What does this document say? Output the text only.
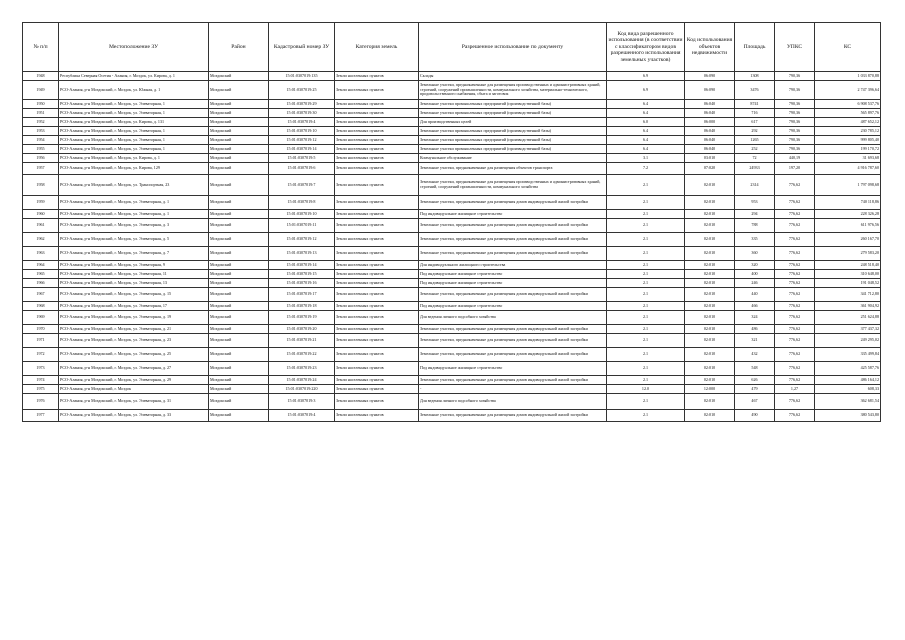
№ п/п	Местоположение ЗУ	Район	Кадастровый номер ЗУ	Категория земель	Разрешенное использование по документу	Код вида разрешенного использования (в соответствии с классификатором видов разрешенного использования земельных участков)	Код использования объектов недвижимости	Площадь	УПКС	КС
1948	Республика Северная Осетия - Алания, г. Моздок, ул. Кирова, д. 1	Моздокский	15:01:0307019:135	Земли населенных пунктов	Склады	6.9	06:090	1308	790,36	1 033 870,88
1949	РСО-Алания, р-н Моздокский, г. Моздок, ул. Южная, д. 1	Моздокский	15:01:0307019:25	Земли населенных пунктов	Земельные участки, предназначенные для размещения производственных и административных зданий, строений, сооружений промышленности, коммунального хозяйства, материально-технического, продовольственного снабжения, сбыта и заготовок	6.9	06:090	3476	790,36	2 747 396,64
1950	РСО-Алания, р-н Моздокский, г. Моздок, ул. Элеваторная, 1	Моздокский	15:01:0307019:29	Земли населенных пунктов	Земельные участки промышленных предприятий (производственной базы)	6.4	06:040	8741	790,36	6 908 537,76
1951	РСО-Алания, р-н Моздокский, г. Моздок, ул. Элеваторная, 1	Моздокский	15:01:0307019:30	Земли населенных пунктов	Земельные участки промышленных предприятий (производственной базы)	6.4	06:040	716	790,36	565 897,76
1952	РСО-Алания, р-н Моздокский, г. Моздок, ул. Кирова, д. 131	Моздокский	15:01:0307019:4	Земли населенных пунктов	Для производственных целей	6.0	06:000	617	790,36	487 652,12
1953	РСО-Алания, р-н Моздокский, г. Моздок, ул. Элеваторная, 1	Моздокский	15:01:0307019:10	Земли населенных пунктов	Земельные участки промышленных предприятий (производственной базы)	6.4	06:040	292	790,36	230 785,12
1954	РСО-Алания, р-н Моздокский, г. Моздок, ул. Элеваторная, 1	Моздокский	15:01:0307019:12	Земли населенных пунктов	Земельные участки промышленных предприятий (производственной базы)	6.4	06:040	1265	790,36	999 805,40
1955	РСО-Алания, р-н Моздокский, г. Моздок, ул. Элеваторная, 1	Моздокский	15:01:0307019:14	Земли населенных пунктов	Земельные участки промышленных предприятий (производственной базы)	6.4	06:040	252	790,36	199 170,72
1956	РСО-Алания, р-н Моздокский, г. Моздок, ул. Кирова, д. 1	Моздокский	15:01:0307019:5	Земли населенных пунктов	Коммунальное обслуживание	3.1	03:010	72	440,19	31 693,68
1957	РСО-Алания, р-н Моздокский, г. Моздок, ул. Кирова, 129	Моздокский	15:01:0307019:6	Земли населенных пунктов	Земельные участки, предназначенные для размещения объектов транспорта	7.2	07:020	24933	197,20	4 916 787,60
1958	РСО-Алания, р-н Моздокский, г. Моздок, ул. Транспортная, 23	Моздокский	15:01:0307019:7	Земли населенных пунктов	Земельные участки, предназначенные для размещения производственных и административных зданий, строений, сооружений промышленности, коммунального хозяйства	2.1	02:010	2314	776,62	1 797 098,68
1959	РСО-Алания, р-н Моздокский, г. Моздок, ул. Элеваторная, д. 1	Моздокский	15:01:0307019:8	Земли населенных пунктов	Земельные участки, предназначенные для размещения домов индивидуальной жилой застройки	2.1	02:010	953	776,62	740 118,86
1960	РСО-Алания, р-н Моздокский, г. Моздок, ул. Элеваторная, д. 1	Моздокский	15:01:0307019:10	Земли населенных пунктов	Под индивидуальное жилищное строительство	2.1	02:010	294	776,62	228 326,28
1961	РСО-Алания, р-н Моздокский, г. Моздок, ул. Элеваторная, д. 3	Моздокский	15:01:0307019:11	Земли населенных пунктов	Земельные участки, предназначенные для размещения домов индивидуальной жилой застройки	2.1	02:010	788	776,62	611 976,56
1962	РСО-Алания, р-н Моздокский, г. Моздок, ул. Элеваторная, д. 5	Моздокский	15:01:0307019:12	Земли населенных пунктов	Земельные участки, предназначенные для размещения домов индивидуальной жилой застройки	2.1	02:010	335	776,62	260 167,70
1963	РСО-Алания, р-н Моздокский, г. Моздок, ул. Элеваторная, д. 7	Моздокский	15:01:0307019:13	Земли населенных пунктов	Земельные участки, предназначенные для размещения домов индивидуальной жилой застройки	2.1	02:010	360	776,62	279 583,20
1964	РСО-Алания, р-н Моздокский, г. Моздок, ул. Элеваторная, 9	Моздокский	15:01:0307019:14	Земли населенных пунктов	Для индивидуального жилищного строительства	2.1	02:010	320	776,62	248 518,40
1965	РСО-Алания, р-н Моздокский, г. Моздок, ул. Элеваторная, 11	Моздокский	15:01:0307019:15	Земли населенных пунктов	Под индивидуальное жилищное строительство	2.1	02:010	400	776,62	310 648,00
1966	РСО-Алания, р-н Моздокский, г. Моздок, ул. Элеваторная, 13	Моздокский	15:01:0307019:16	Земли населенных пунктов	Под индивидуальное жилищное строительство	2.1	02:010	246	776,62	191 048,52
1967	РСО-Алания, р-н Моздокский, г. Моздок, ул. Элеваторная, д. 15	Моздокский	15:01:0307019:17	Земли населенных пунктов	Земельные участки, предназначенные для размещения домов индивидуальной жилой застройки	2.1	02:010	440	776,62	341 712,80
1968	РСО-Алания, р-н Моздокский, г. Моздок, ул. Элеваторная, 17	Моздокский	15:01:0307019:18	Земли населенных пунктов	Под индивидуальное жилищное строительство	2.1	02:010	466	776,62	361 904,92
1969	РСО-Алания, р-н Моздокский, г. Моздок, ул. Элеваторная, д. 19	Моздокский	15:01:0307019:19	Земли населенных пунктов	Для ведения личного подсобного хозяйства	2.1	02:010	324	776,62	251 624,88
1970	РСО-Алания, р-н Моздокский, г. Моздок, ул. Элеваторная, д. 21	Моздокский	15:01:0307019:20	Земли населенных пунктов	Земельные участки, предназначенные для размещения домов индивидуальной жилой застройки	2.1	02:010	486	776,62	377 437,32
1971	РСО-Алания, р-н Моздокский, г. Моздок, ул. Элеваторная, д. 23	Моздокский	15:01:0307019:21	Земли населенных пунктов	Земельные участки, предназначенные для размещения домов индивидуальной жилой застройки	2.1	02:010	321	776,62	249 295,02
1972	РСО-Алания, р-н Моздокский, г. Моздок, ул. Элеваторная, д. 25	Моздокский	15:01:0307019:22	Земли населенных пунктов	Земельные участки, предназначенные для размещения домов индивидуальной жилой застройки	2.1	02:010	432	776,62	335 499,84
1973	РСО-Алания, р-н Моздокский, г. Моздок, ул. Элеваторная, д. 27	Моздокский	15:01:0307019:23	Земли населенных пунктов	Под индивидуальное жилищное строительство	2.1	02:010	548	776,62	425 587,76
1974	РСО-Алания, р-н Моздокский, г. Моздок, ул. Элеваторная, д. 29	Моздокский	15:01:0307019:24	Земли населенных пунктов	Земельные участки, предназначенные для размещения домов индивидуальной жилой застройки	2.1	02:010	626	776,62	486 164,12
1975	РСО-Алания, р-н Моздокский, г. Моздок	Моздокский	15:01:0307019:220	Земли населенных пунктов	-	12.0	12:000	479	1,27	608,33
1976	РСО-Алания, р-н Моздокский, г. Моздок, ул. Элеваторная, д. 31	Моздокский	15:01:0307019:3	Земли населенных пунктов	Для ведения личного подсобного хозяйства	2.1	02:010	467	776,62	362 681,54
1977	РСО-Алания, р-н Моздокский, г. Моздок, ул. Элеваторная, д. 33	Моздокский	15:01:0307019:4	Земли населенных пунктов	Земельные участки, предназначенные для размещения домов индивидуальной жилой застройки	2.1	02:010	490	776,62	380 543,80
